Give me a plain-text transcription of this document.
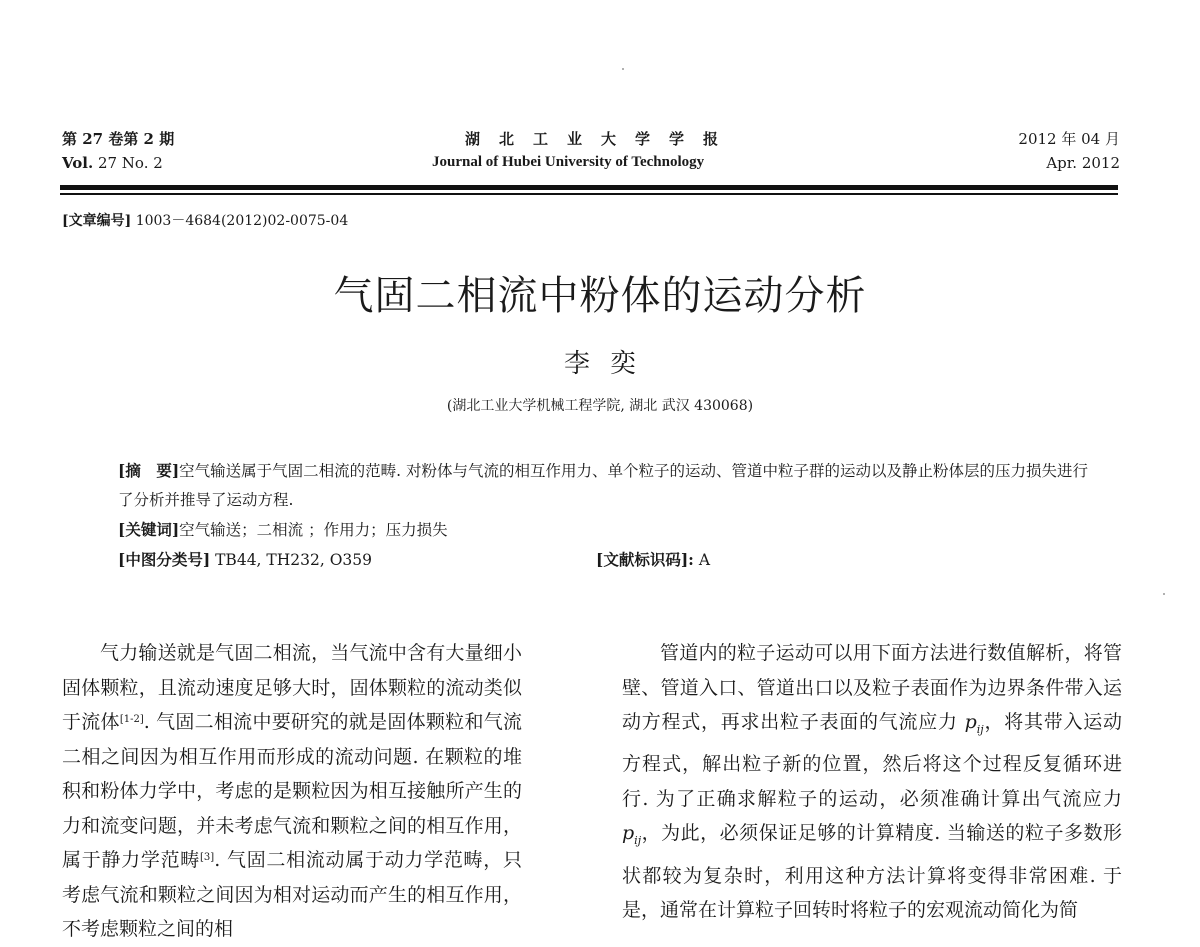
第 27 卷第 2 期
Vol. 27 No. 2
湖北工业大学学报
Journal of Hubei University of Technology
2012 年 04 月
Apr. 2012
[文章编号] 1003－4684(2012)02-0075-04
气固二相流中粉体的运动分析
李奕
(湖北工业大学机械工程学院, 湖北 武汉 430068)

[摘　要]空气输送属于气固二相流的范畴. 对粉体与气流的相互作用力、单个粒子的运动、管道中粒子群的运动以及静止粉体层的压力损失进行了分析并推导了运动方程.

[关键词]空气输送；二相流 ；作用力；压力损失

[中图分类号] TB44, TH232, O359	[文献标识码]: A

气力输送就是气固二相流，当气流中含有大量细小固体颗粒，且流动速度足够大时，固体颗粒的流动类似于流体[1-2]. 气固二相流中要研究的就是固体颗粒和气流二相之间因为相互作用而形成的流动问题. 在颗粒的堆积和粉体力学中，考虑的是颗粒因为相互接触所产生的力和流变问题，并未考虑气流和颗粒之间的相互作用，属于静力学范畴[3]. 气固二相流动属于动力学范畴，只考虑气流和颗粒之间因为相对运动而产生的相互作用，不考虑颗粒之间的相

管道内的粒子运动可以用下面方法进行数值解析，将管壁、管道入口、管道出口以及粒子表面作为边界条件带入运动方程式，再求出粒子表面的气流应力 $p_{ij}$，将其带入运动方程式，解出粒子新的位置，然后将这个过程反复循环进行. 为了正确求解粒子的运动，必须准确计算出气流应力 $p_{ij}$，为此，必须保证足够的计算精度. 当输送的粒子多数形状都较为复杂时，利用这种方法计算将变得非常困难. 于是，通常在计算粒子回转时将粒子的宏观流动简化为简
